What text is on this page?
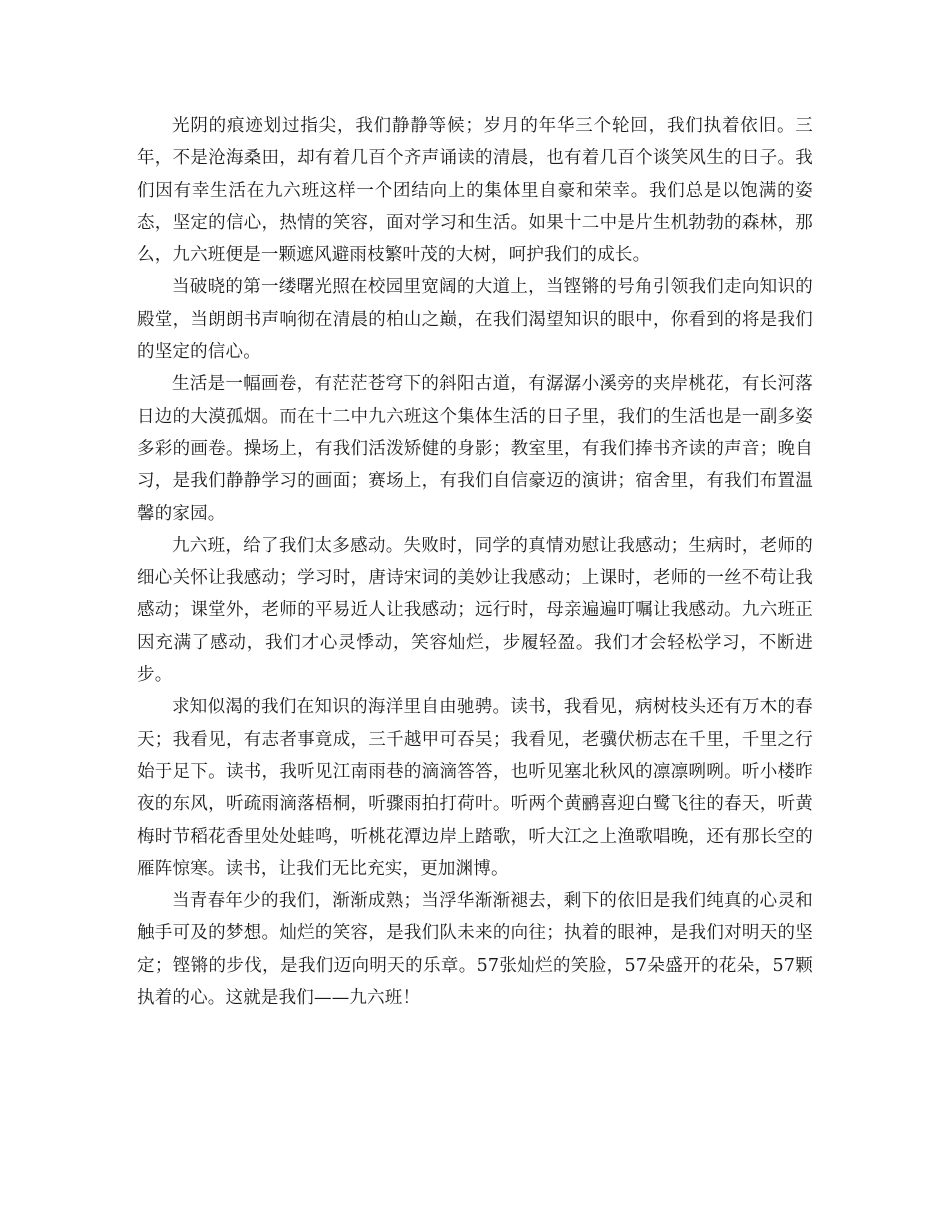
光阴的痕迹划过指尖，我们静静等候；岁月的年华三个轮回，我们执着依旧。三年，不是沧海桑田，却有着几百个齐声诵读的清晨，也有着几百个谈笑风生的日子。我们因有幸生活在九六班这样一个团结向上的集体里自豪和荣幸。我们总是以饱满的姿态，坚定的信心，热情的笑容，面对学习和生活。如果十二中是片生机勃勃的森林，那么，九六班便是一颗遮风避雨枝繁叶茂的大树，呵护我们的成长。

当破晓的第一缕曙光照在校园里宽阔的大道上，当铿锵的号角引领我们走向知识的殿堂，当朗朗书声响彻在清晨的柏山之巅，在我们渴望知识的眼中，你看到的将是我们的坚定的信心。

生活是一幅画卷，有茫茫苍穹下的斜阳古道，有潺潺小溪旁的夹岸桃花，有长河落日边的大漠孤烟。而在十二中九六班这个集体生活的日子里，我们的生活也是一副多姿多彩的画卷。操场上，有我们活泼矫健的身影；教室里，有我们捧书齐读的声音；晚自习，是我们静静学习的画面；赛场上，有我们自信豪迈的演讲；宿舍里，有我们布置温馨的家园。

九六班，给了我们太多感动。失败时，同学的真情劝慰让我感动；生病时，老师的细心关怀让我感动；学习时，唐诗宋词的美妙让我感动；上课时，老师的一丝不苟让我感动；课堂外，老师的平易近人让我感动；远行时，母亲遍遍叮嘱让我感动。九六班正因充满了感动，我们才心灵悸动，笑容灿烂，步履轻盈。我们才会轻松学习，不断进步。

求知似渴的我们在知识的海洋里自由驰骋。读书，我看见，病树枝头还有万木的春天；我看见，有志者事竟成，三千越甲可吞吴；我看见，老骥伏枥志在千里，千里之行始于足下。读书，我听见江南雨巷的滴滴答答，也听见塞北秋风的凛凛咧咧。听小楼昨夜的东风，听疏雨滴落梧桐，听骤雨拍打荷叶。听两个黄鹂喜迎白鹭飞往的春天，听黄梅时节稻花香里处处蛙鸣，听桃花潭边岸上踏歌，听大江之上渔歌唱晚，还有那长空的雁阵惊寒。读书，让我们无比充实，更加渊博。

当青春年少的我们，渐渐成熟；当浮华渐渐褪去，剩下的依旧是我们纯真的心灵和触手可及的梦想。灿烂的笑容，是我们队未来的向往；执着的眼神，是我们对明天的坚定；铿锵的步伐，是我们迈向明天的乐章。57张灿烂的笑脸，57朵盛开的花朵，57颗执着的心。这就是我们——九六班！
